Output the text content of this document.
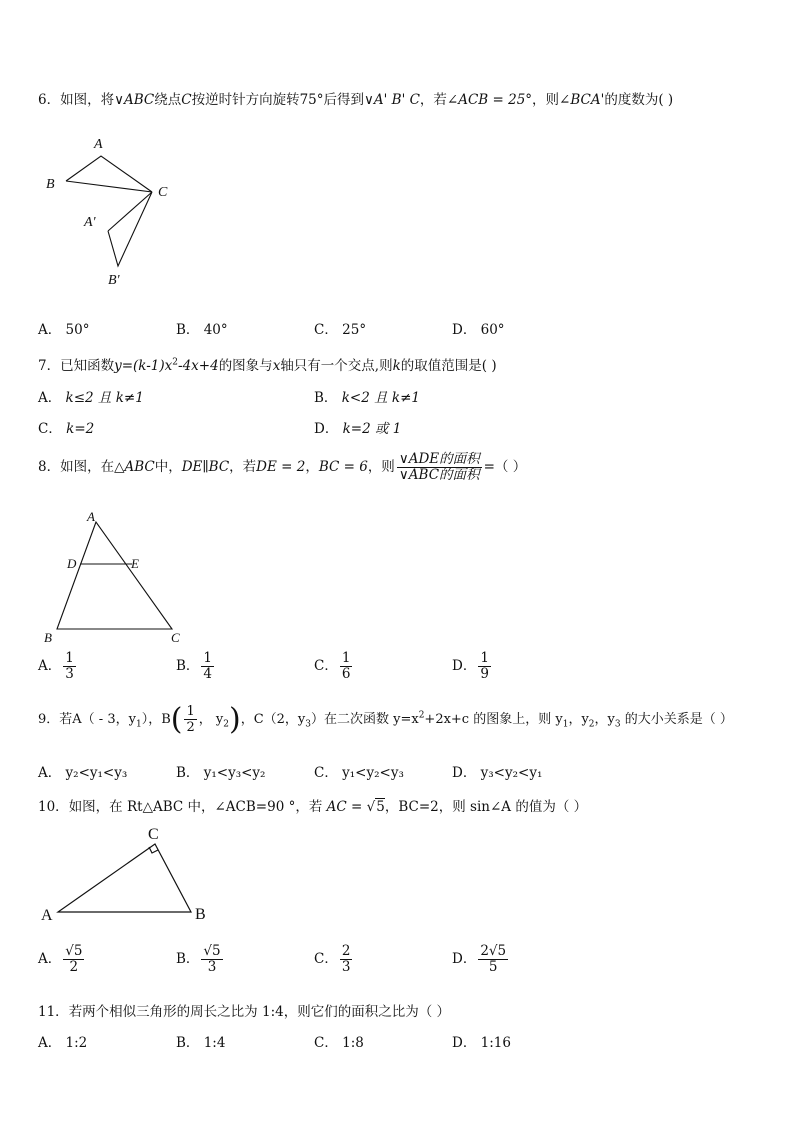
6．如图，将∨ABC绕点C按逆时针方向旋转75°后得到∨A' B' C，若∠ACB = 25°，则∠BCA'的度数为( )
A
B
C
A'
B'
A． 50°	B． 40°	C． 25°	D． 60°
7．已知函数$y=(k-1)x^2-4x+4$的图象与x轴只有一个交点,则k的取值范围是( )
A． k≤2 且 k≠1	B． k<2 且 k≠1
C． k=2	D． k=2 或 1
8．如图，在△ABC中，DE∥BC，若DE = 2，BC = 6，则 $\frac{\text{∨ADE的面积}}{\text{∨ABC的面积}}$ =（ ）
A
D	E
B	C
A． $\frac{1}{3}$	B． $\frac{1}{4}$	C． $\frac{1}{6}$	D． $\frac{1}{9}$
9．若A（ - 3，$y_1$），$B( \frac{1}{2}$ ， $y_2$)，C（2，$y_3$）在二次函数 $y=x^2+2x+c$ 的图象上，则 $y_1$，$y_2$，$y_3$ 的大小关系是（ ）
A． y₂<y₁<y₃	B． y₁<y₃<y₂	C． y₁<y₂<y₃	D． y₃<y₂<y₁
10．如图，在 Rt△ABC 中，∠ACB=90 °，若 AC = √5，BC=2，则 sin∠A 的值为（ ）
C
A	B
A． $\frac{√5}{2}$	B． $\frac{√5}{3}$	C． $\frac{2}{3}$	D． $\frac{2√5}{5}$
11．若两个相似三角形的周长之比为 1:4，则它们的面积之比为（ ）
A． 1:2	B． 1:4	C． 1:8	D． 1:16
